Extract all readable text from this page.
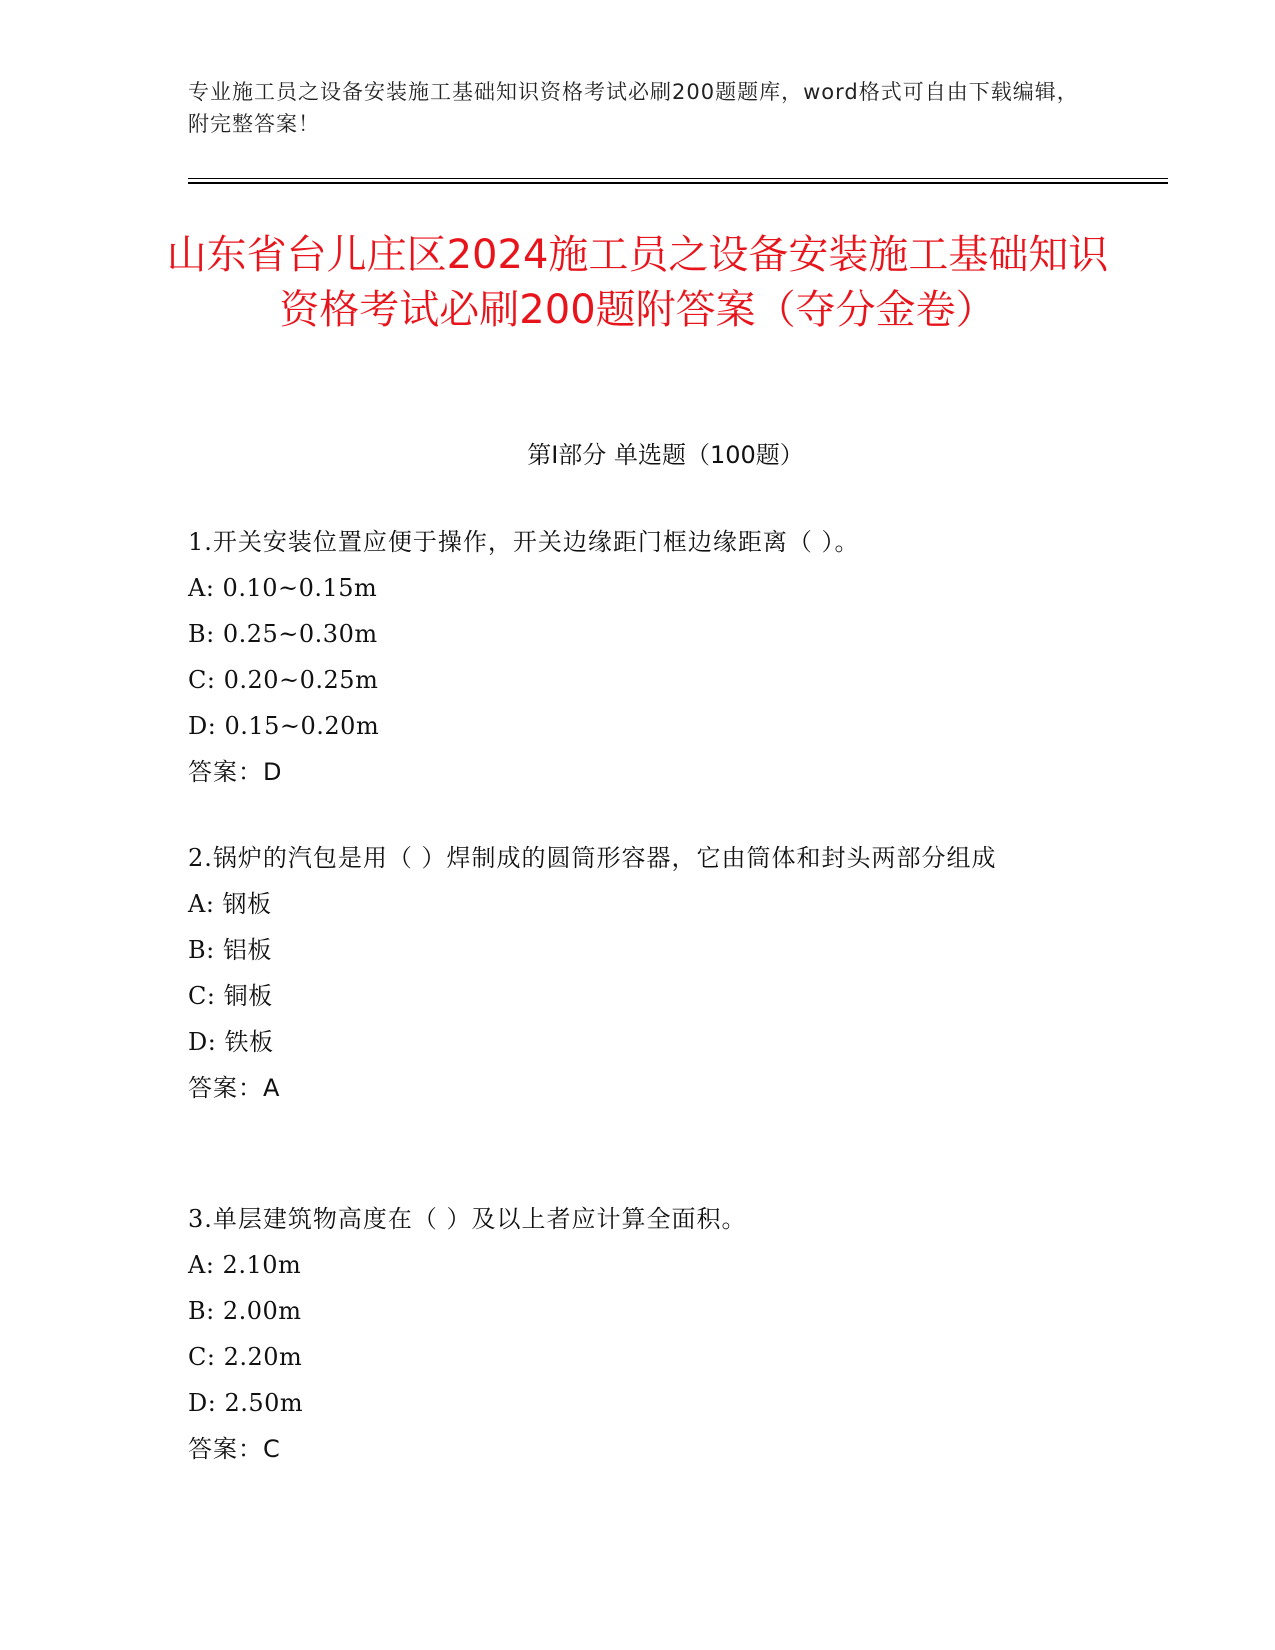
专业施工员之设备安装施工基础知识资格考试必刷200题题库，word格式可自由下载编辑，附完整答案！
山东省台儿庄区2024施工员之设备安装施工基础知识资格考试必刷200题附答案（夺分金卷）
第Ⅰ部分 单选题（100题）
1.开关安装位置应便于操作，开关边缘距门框边缘距离（ ）。
A: 0.10~0.15m
B: 0.25~0.30m
C: 0.20~0.25m
D: 0.15~0.20m
答案：D
2.锅炉的汽包是用（ ）焊制成的圆筒形容器，它由筒体和封头两部分组成
A: 钢板
B: 铝板
C: 铜板
D: 铁板
答案：A
3.单层建筑物高度在（ ）及以上者应计算全面积。
A: 2.10m
B: 2.00m
C: 2.20m
D: 2.50m
答案：C
